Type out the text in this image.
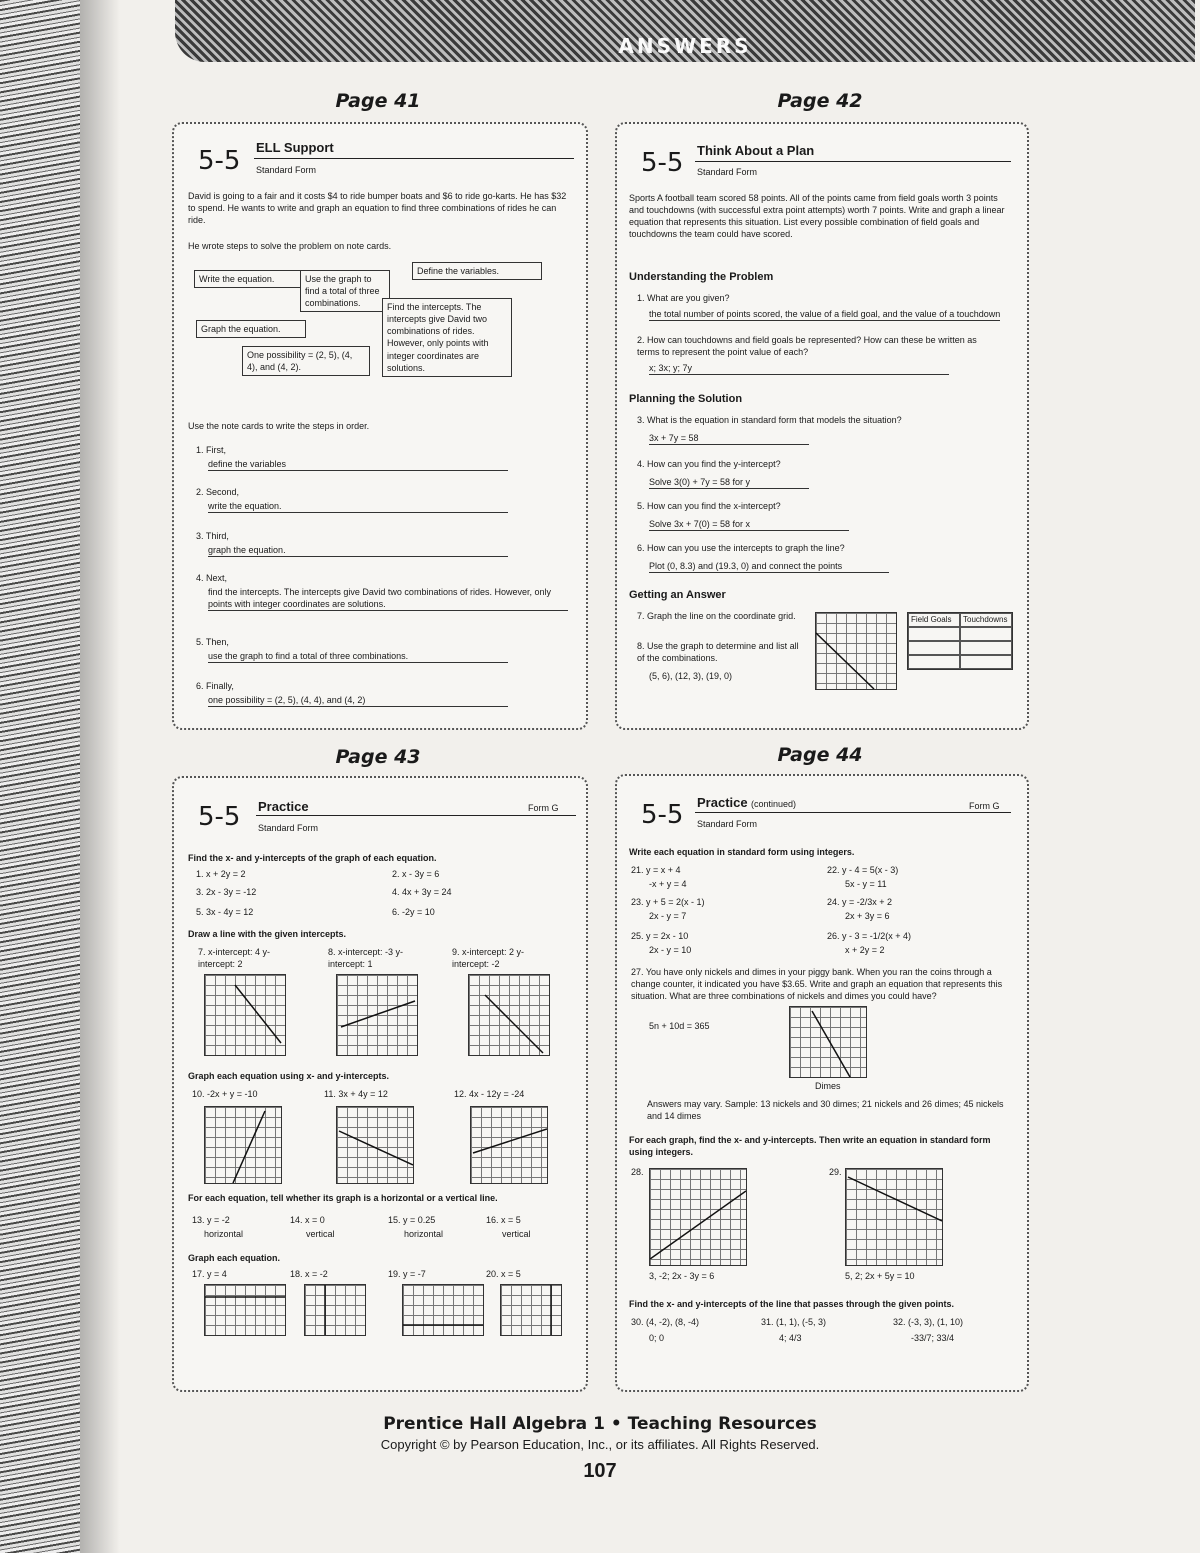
ANSWERS
Page 41	Page 42
Page 43	Page 44
5-5 ELL Support
Standard Form
David is going to a fair and it costs $4 to ride bumper boats and $6 to ride go-karts. He has $32 to spend. He wants to write and graph an equation to find three combinations of rides he can ride.
He wrote steps to solve the problem on note cards.
Write the equation.	Use the graph to find a total of three combinations.
Define the variables.
Find the intercepts. The intercepts give David two combinations of rides. However, only points with integer coordinates are solutions.
Graph the equation.
One possibility = (2, 5), (4, 4), and (4, 2).
Use the note cards to write the steps in order.
1. First,
define the variables
2. Second,
write the equation.
3. Third,
graph the equation.
4. Next,
find the intercepts. The intercepts give David two combinations of rides. However, only points with integer coordinates are solutions.
5. Then,
use the graph to find a total of three combinations.
6. Finally,
one possibility = (2, 5), (4, 4), and (4, 2)
5-5 Think About a Plan
Standard Form
Sports A football team scored 58 points. All of the points came from field goals worth 3 points and touchdowns (with successful extra point attempts) worth 7 points. Write and graph a linear equation that represents this situation. List every possible combination of field goals and touchdowns the team could have scored.
Understanding the Problem
1. What are you given?
the total number of points scored, the value of a field goal, and the value of a touchdown
2. How can touchdowns and field goals be represented? How can these be written as terms to represent the point value of each?
x; 3x; y; 7y
Planning the Solution
3. What is the equation in standard form that models the situation?
3x + 7y = 58
4. How can you find the y-intercept?
Solve 3(0) + 7y = 58 for y
5. How can you find the x-intercept?
Solve 3x + 7(0) = 58 for x
6. How can you use the intercepts to graph the line?
Plot (0, 8.3) and (19.3, 0) and connect the points
Getting an Answer
7. Graph the line on the coordinate grid.
8. Use the graph to determine and list all of the combinations.
(5, 6), (12, 3), (19, 0)
Field Goals	Touchdowns
5-5 Practice	Form G
Standard Form
Find the x- and y-intercepts of the graph of each equation.
1. x + 2y = 2	2. x - 3y = 6
3. 2x - 3y = -12	4. 4x + 3y = 24
5. 3x - 4y = 12	6. -2y = 10
Draw a line with the given intercepts.
7. x-intercept: 4 y-intercept: 2
8. x-intercept: -3 y-intercept: 1
9. x-intercept: 2 y-intercept: -2
Graph each equation using x- and y-intercepts.
10. -2x + y = -10	11. 3x + 4y = 12	12. 4x - 12y = -24
For each equation, tell whether its graph is a horizontal or a vertical line.
13. y = -2
horizontal
14. x = 0
vertical
15. y = 0.25
horizontal
16. x = 5
vertical
Graph each equation.
17. y = 4	18. x = -2	19. y = -7	20. x = 5
5-5 Practice (continued)	Form G
Standard Form
Write each equation in standard form using integers.
21. y = x + 4
-x + y = 4
22. y - 4 = 5(x - 3)
5x - y = 11
23. y + 5 = 2(x - 1)
2x - y = 7
24. y = -2/3x + 2
2x + 3y = 6
25. y = 2x - 10
2x - y = 10
26. y - 3 = -1/2(x + 4)
x + 2y = 2
27. You have only nickels and dimes in your piggy bank. When you ran the coins through a change counter, it indicated you have $3.65. Write and graph an equation that represents this situation. What are three combinations of nickels and dimes you could have?
5n + 10d = 365
Dimes
Answers may vary. Sample: 13 nickels and 30 dimes; 21 nickels and 26 dimes; 45 nickels and 14 dimes
For each graph, find the x- and y-intercepts. Then write an equation in standard form using integers.
28.
3, -2; 2x - 3y = 6
29.
5, 2; 2x + 5y = 10
Find the x- and y-intercepts of the line that passes through the given points.
30. (4, -2), (8, -4)
0; 0
31. (1, 1), (-5, 3)
4; 4/3
32. (-3, 3), (1, 10)
-33/7; 33/4
Prentice Hall Algebra 1 • Teaching Resources
Copyright © by Pearson Education, Inc., or its affiliates. All Rights Reserved.
107
